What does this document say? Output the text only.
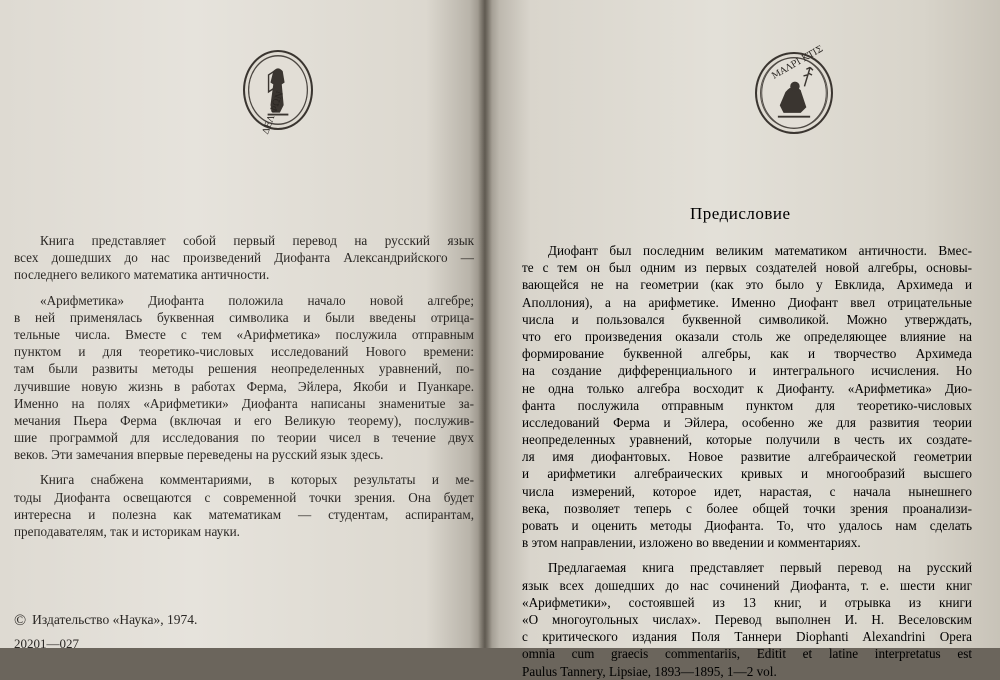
ΔΕΛ ΦΩΝ
Книга представляет собой первый перевод на русский язык
всех дошедших до нас произведений Диофанта Александрийского —
последнего великого математика античности.
«Арифметика» Диофанта положила начало новой алгебре;
в ней применялась буквенная символика и были введены отрица-
тельные числа. Вместе с тем «Арифметика» послужила отправным
пунктом и для теоретико-числовых исследований Нового времени:
там были развиты методы решения неопределенных уравнений, по-
лучившие новую жизнь в работах Ферма, Эйлера, Якоби и Пуанкаре.
Именно на полях «Арифметики» Диофанта написаны знаменитые за-
мечания Пьера Ферма (включая и его Великую теорему), послужив-
шие программой для исследования по теории чисел в течение двух
веков. Эти замечания впервые переведены на русский язык здесь.
Книга снабжена комментариями, в которых результаты и ме-
тоды Диофанта освещаются с современной точки зрения. Она будет
интересна и полезна как математикам — студентам, аспирантам,
преподавателям, так и историкам науки.
© Издательство «Наука», 1974.
20201—027
ΜΑΛΡΙ ΚΤΙΣ
Предисловие
Диофант был последним великим математиком античности. Вмес-
те с тем он был одним из первых создателей новой алгебры, основы-
вающейся не на геометрии (как это было у Евклида, Архимеда и
Аполлония), а на арифметике. Именно Диофант ввел отрицательные
числа и пользовался буквенной символикой. Можно утверждать,
что его произведения оказали столь же определяющее влияние на
формирование буквенной алгебры, как и творчество Архимеда
на создание дифференциального и интегрального исчисления. Но
не одна только алгебра восходит к Диофанту. «Арифметика» Дио-
фанта послужила отправным пунктом для теоретико-числовых
исследований Ферма и Эйлера, особенно же для развития теории
неопределенных уравнений, которые получили в честь их создате-
ля имя диофантовых. Новое развитие алгебраической геометрии
и арифметики алгебраических кривых и многообразий высшего
числа измерений, которое идет, нарастая, с начала нынешнего
века, позволяет теперь с более общей точки зрения проанализи-
ровать и оценить методы Диофанта. То, что удалось нам сделать
в этом направлении, изложено во введении и комментариях.
Предлагаемая книга представляет первый перевод на русский
язык всех дошедших до нас сочинений Диофанта, т. е. шести книг
«Арифметики», состоявшей из 13 книг, и отрывка из книги
«О многоугольных числах». Перевод выполнен И. Н. Веселовским
с критического издания Поля Таннери Diophanti Alexandrini Opera
omnia cum graecis commentariis, Editit et latine interpretatus est
Paulus Tannery, Lipsiae, 1893—1895, 1—2 vol.
